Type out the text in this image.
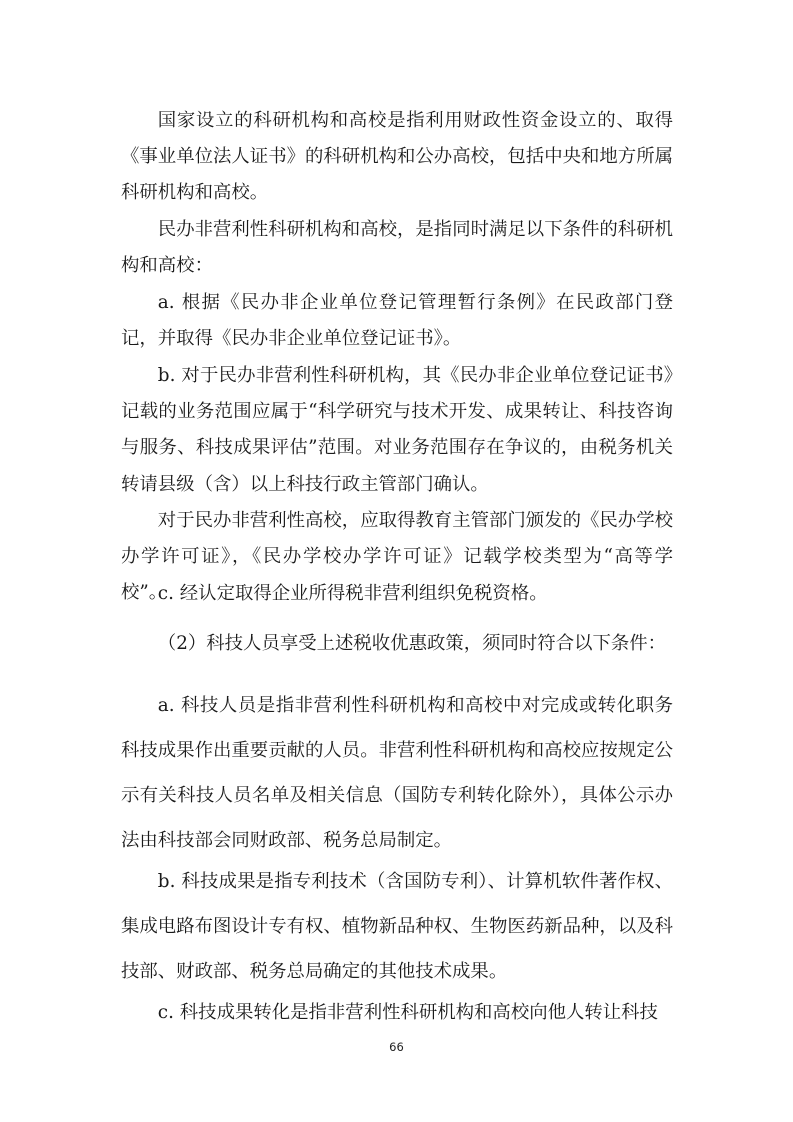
国家设立的科研机构和高校是指利用财政性资金设立的、取得《事业单位法人证书》的科研机构和公办高校，包括中央和地方所属科研机构和高校。

民办非营利性科研机构和高校，是指同时满足以下条件的科研机构和高校：

a. 根据《民办非企业单位登记管理暂行条例》在民政部门登记，并取得《民办非企业单位登记证书》。

b. 对于民办非营利性科研机构，其《民办非企业单位登记证书》记载的业务范围应属于“科学研究与技术开发、成果转让、科技咨询与服务、科技成果评估”范围。对业务范围存在争议的，由税务机关转请县级（含）以上科技行政主管部门确认。

对于民办非营利性高校，应取得教育主管部门颁发的《民办学校办学许可证》，《民办学校办学许可证》记载学校类型为“高等学校”。

c. 经认定取得企业所得税非营利组织免税资格。

（2）科技人员享受上述税收优惠政策，须同时符合以下条件：

a. 科技人员是指非营利性科研机构和高校中对完成或转化职务科技成果作出重要贡献的人员。非营利性科研机构和高校应按规定公示有关科技人员名单及相关信息（国防专利转化除外），具体公示办法由科技部会同财政部、税务总局制定。

b. 科技成果是指专利技术（含国防专利）、计算机软件著作权、集成电路布图设计专有权、植物新品种权、生物医药新品种，以及科技部、财政部、税务总局确定的其他技术成果。

c. 科技成果转化是指非营利性科研机构和高校向他人转让科技

66
